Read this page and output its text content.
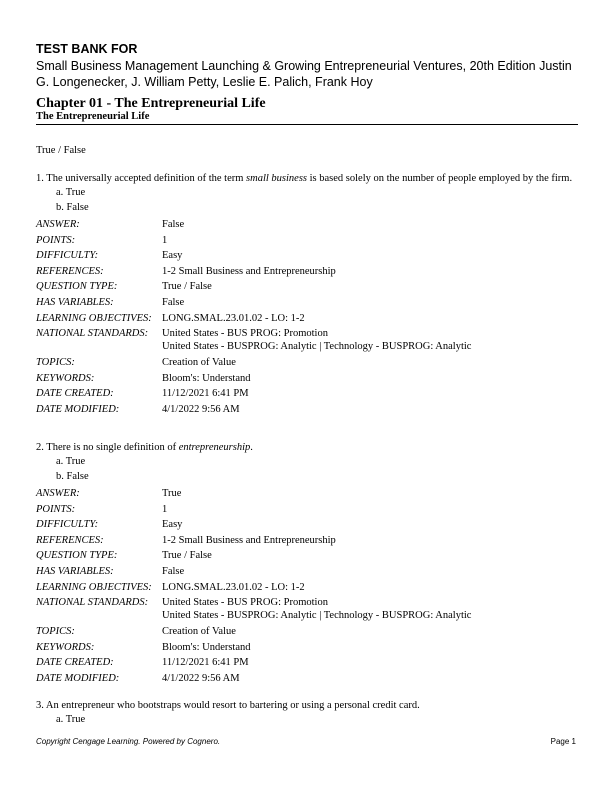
TEST BANK FOR
Small Business Management Launching & Growing Entrepreneurial Ventures, 20th Edition Justin G. Longenecker, J. William Petty, Leslie E. Palich, Frank Hoy
Chapter 01 - The Entrepreneurial Life
The Entrepreneurial Life
True / False

1. The universally accepted definition of the term small business is based solely on the number of people employed by the firm.

a. True
b. False
ANSWER:	False
POINTS:	1
DIFFICULTY:	Easy
REFERENCES:	1-2 Small Business and Entrepreneurship
QUESTION TYPE:	True / False
HAS VARIABLES:	False
LEARNING OBJECTIVES: LONG.SMAL.23.01.02 - LO: 1-2
NATIONAL STANDARDS:	United States - BUS PROG: Promotion
United States - BUSPROG: Analytic | Technology - BUSPROG: Analytic
TOPICS:	Creation of Value
KEYWORDS:	Bloom's: Understand
DATE CREATED:	11/12/2021 6:41 PM
DATE MODIFIED:	4/1/2022 9:56 AM

2. There is no single definition of entrepreneurship.

a. True
b. False
ANSWER:	True
POINTS:	1
DIFFICULTY:	Easy
REFERENCES:	1-2 Small Business and Entrepreneurship
QUESTION TYPE:	True / False
HAS VARIABLES:	False
LEARNING OBJECTIVES: LONG.SMAL.23.01.02 - LO: 1-2
NATIONAL STANDARDS:	United States - BUS PROG: Promotion
United States - BUSPROG: Analytic | Technology - BUSPROG: Analytic
TOPICS:	Creation of Value
KEYWORDS:	Bloom's: Understand
DATE CREATED:	11/12/2021 6:41 PM
DATE MODIFIED:	4/1/2022 9:56 AM

3. An entrepreneur who bootstraps would resort to bartering or using a personal credit card.

a. True
Copyright Cengage Learning. Powered by Cognero.	Page 1
